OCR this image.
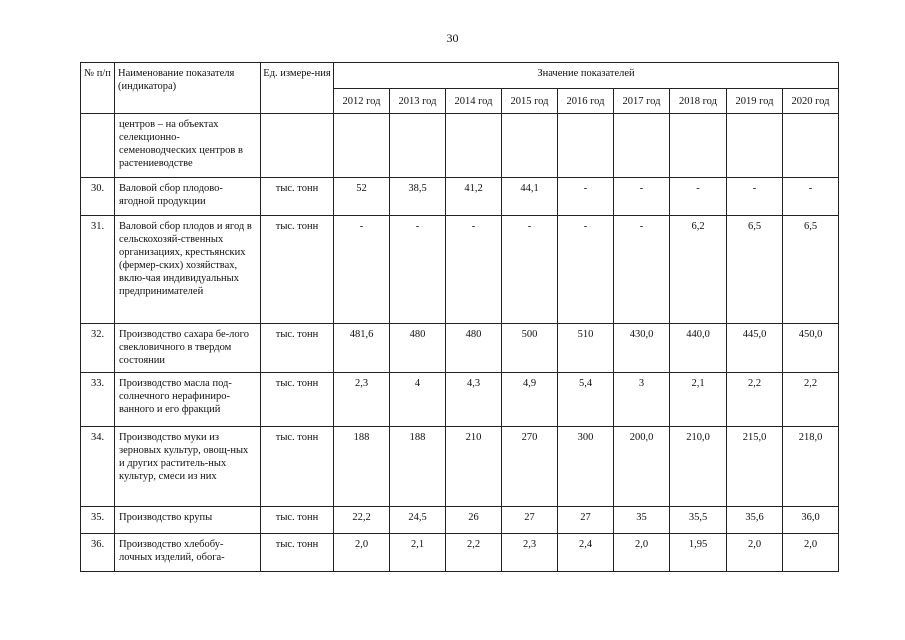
30
№ п/п	Наименование показателя (индикатора)	Ед. измере-ния	Значение показателей								
			2012 год	2013 год	2014 год	2015 год	2016 год	2017 год	2018 год	2019 год	2020 год
	центров – на объектах селекционно-семеноводческих центров в растениеводстве										
30.	Валовой сбор плодово-ягодной продукции	тыс. тонн	52	38,5	41,2	44,1	-	-	-	-	-
31.	Валовой сбор плодов и ягод в сельскохозяй-ственных организациях, крестьянских (фермер-ских) хозяйствах, вклю-чая индивидуальных предпринимателей	тыс. тонн	-	-	-	-	-	-	6,2	6,5	6,5
32.	Производство сахара бе-лого свекловичного в твердом состоянии	тыс. тонн	481,6	480	480	500	510	430,0	440,0	445,0	450,0
33.	Производство масла под-солнечного нерафиниро-ванного и его фракций	тыс. тонн	2,3	4	4,3	4,9	5,4	3	2,1	2,2	2,2
34.	Производство муки из зерновых культур, овощ-ных и других раститель-ных культур, смеси из них	тыс. тонн	188	188	210	270	300	200,0	210,0	215,0	218,0
35.	Производство крупы	тыс. тонн	22,2	24,5	26	27	27	35	35,5	35,6	36,0
36.	Производство хлебобу-лочных изделий, обога-	тыс. тонн	2,0	2,1	2,2	2,3	2,4	2,0	1,95	2,0	2,0
